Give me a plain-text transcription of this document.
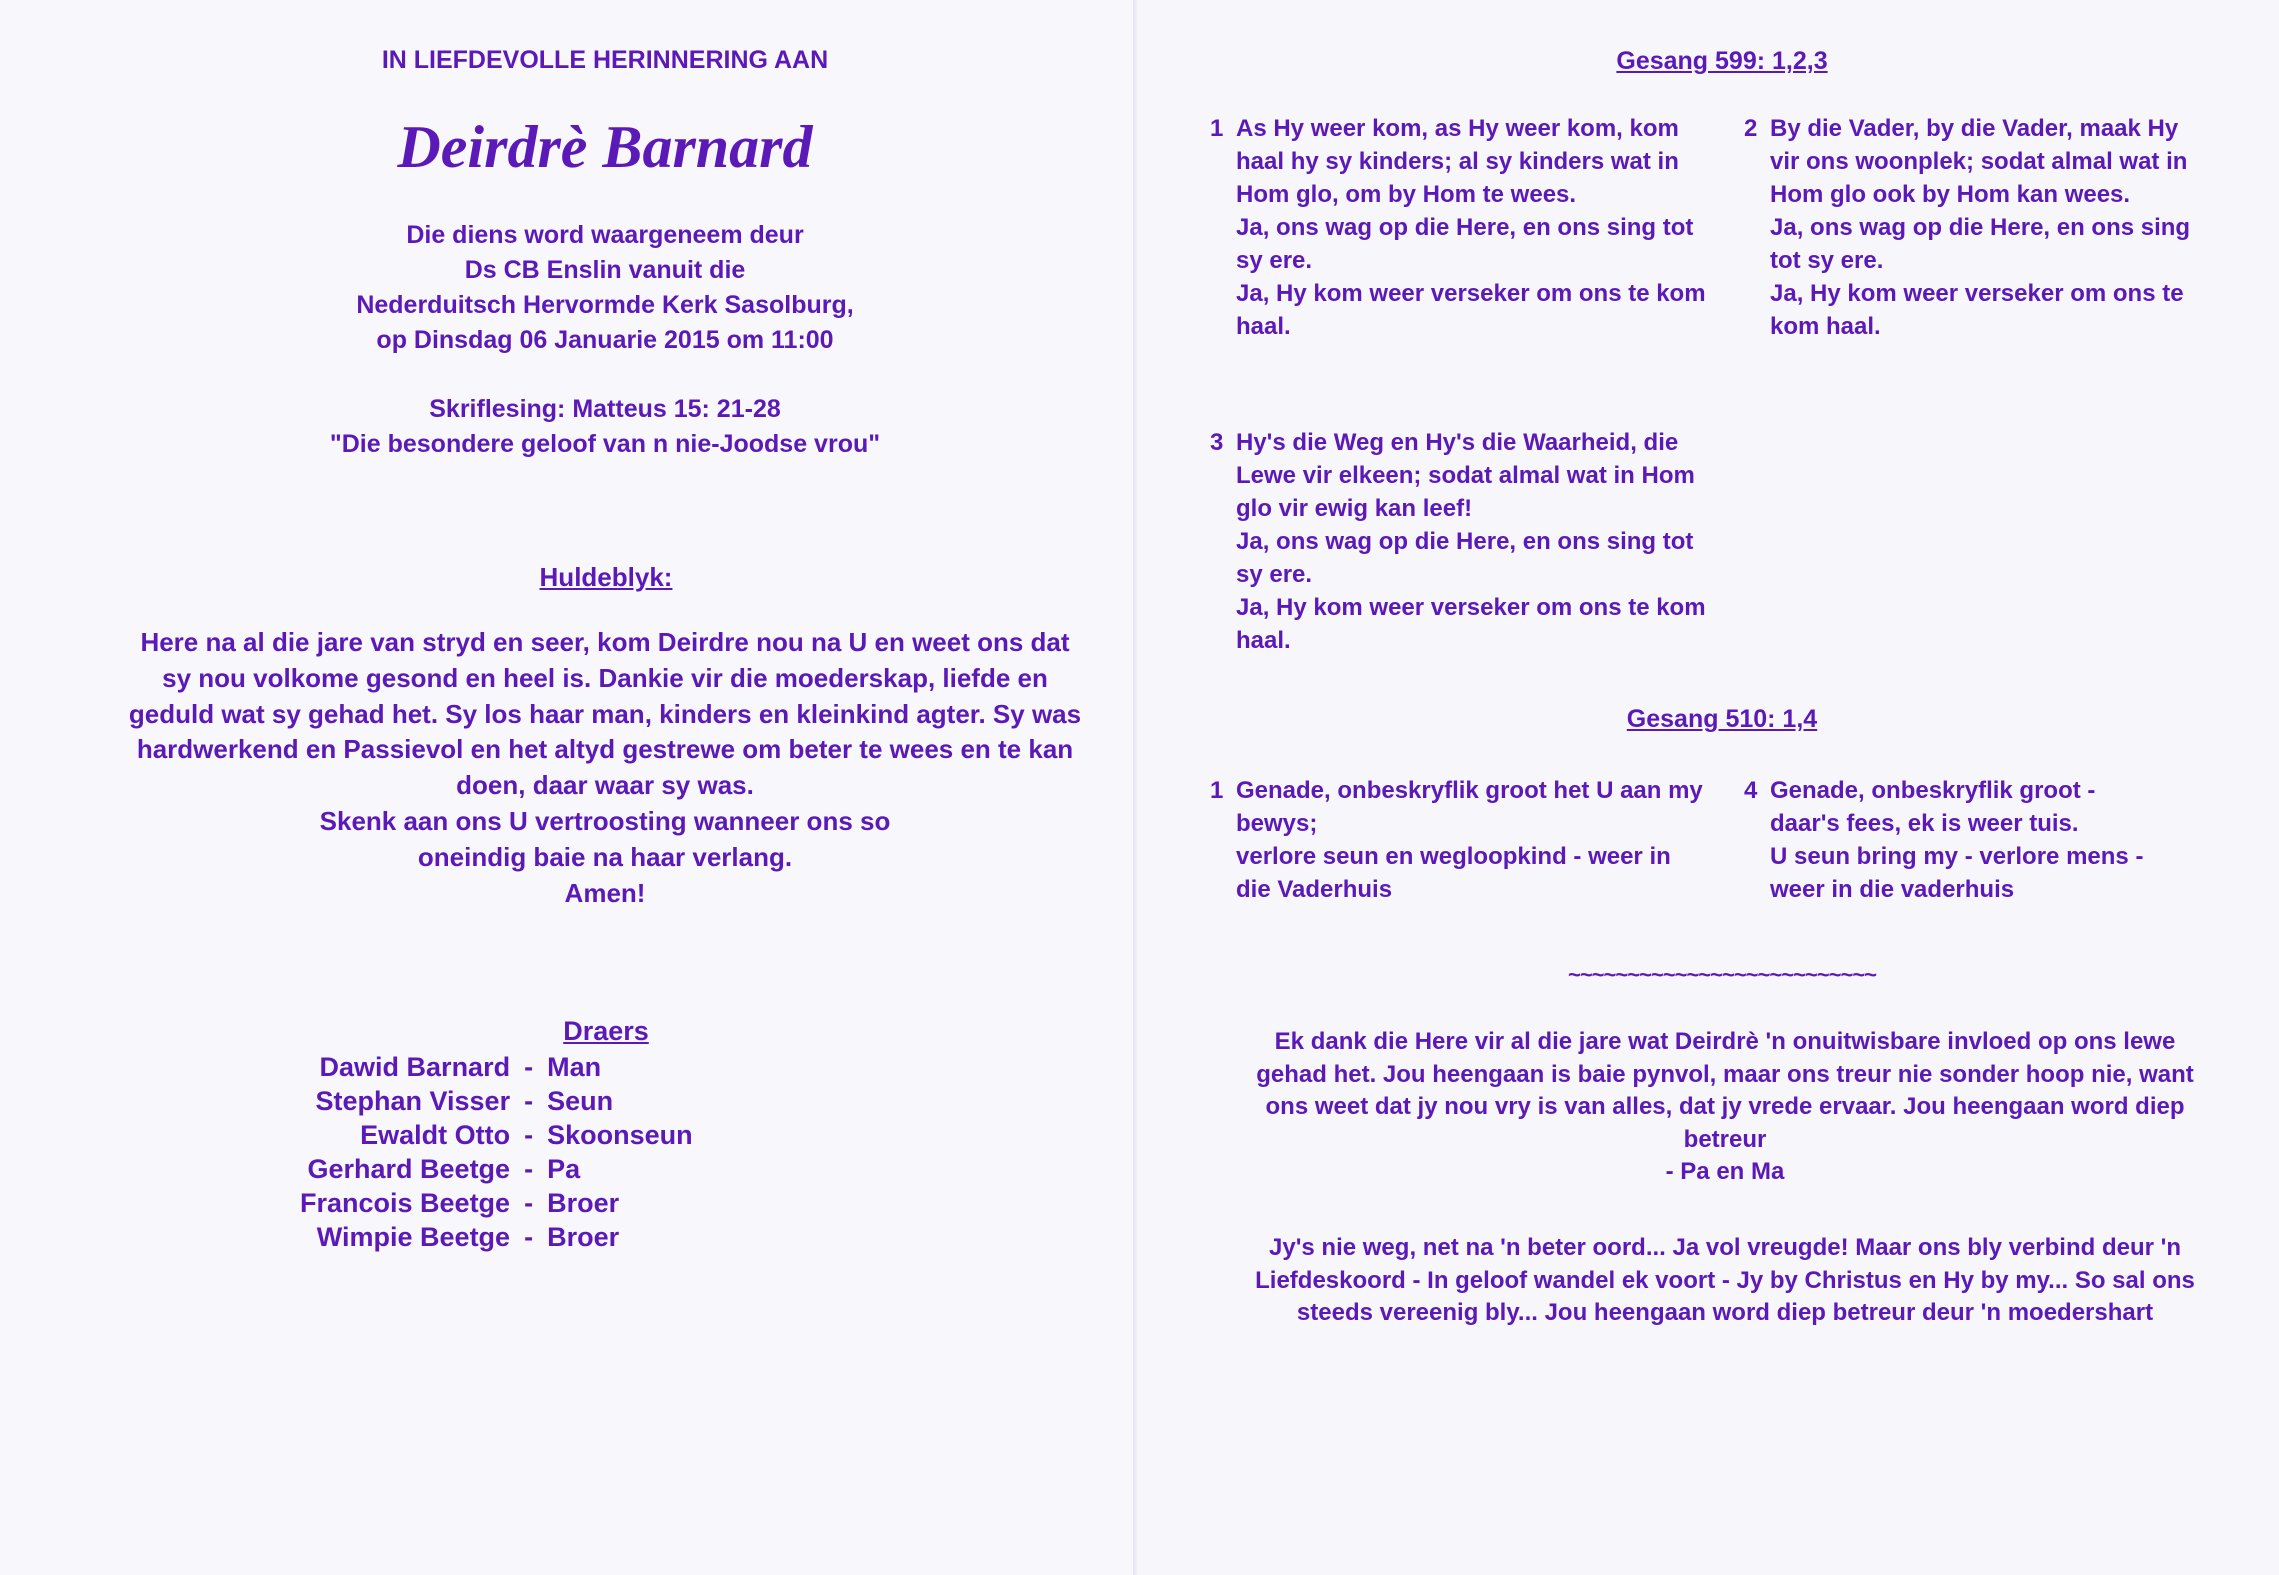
IN LIEFDEVOLLE HERINNERING AAN
Deirdrè Barnard

Die diens word waargeneem deur

Ds CB Enslin vanuit die

Nederduitsch Hervormde Kerk Sasolburg,

op Dinsdag 06 Januarie 2015 om 11:00

Skriflesing: Matteus 15: 21-28

"Die besondere geloof van n nie-Joodse vrou"

Huldeblyk:
Here na al die jare van stryd en seer, kom Deirdre nou na U en weet ons dat
sy nou volkome gesond en heel is. Dankie vir die moederskap, liefde en
geduld wat sy gehad het. Sy los haar man, kinders en kleinkind agter. Sy was
hardwerkend en Passievol en het altyd gestrewe om beter te wees en te kan
doen, daar waar sy was.
Skenk aan ons U vertroosting wanneer ons so
oneindig baie na haar verlang.
Amen!
Draers
Dawid Barnard	-	Man
Stephan Visser	-	Seun
Ewaldt Otto	-	Skoonseun
Gerhard Beetge	-	Pa
Francois Beetge	-	Broer
Wimpie Beetge	-	Broer
Gesang 599: 1,2,3
1 As Hy weer kom, as Hy weer kom, kom
haal hy sy kinders; al sy kinders wat in
Hom glo, om by Hom te wees.
Ja, ons wag op die Here, en ons sing tot
sy ere.
Ja, Hy kom weer verseker om ons te kom
haal.
2 By die Vader, by die Vader, maak Hy
vir ons woonplek; sodat almal wat in
Hom glo ook by Hom kan wees.
Ja, ons wag op die Here, en ons sing
tot sy ere.
Ja, Hy kom weer verseker om ons te
kom haal.
3 Hy's die Weg en Hy's die Waarheid, die
Lewe vir elkeen; sodat almal wat in Hom
glo vir ewig kan leef!
Ja, ons wag op die Here, en ons sing tot
sy ere.
Ja, Hy kom weer verseker om ons te kom
haal.
Gesang 510: 1,4
1 Genade, onbeskryflik groot het U aan my
bewys;
verlore seun en wegloopkind - weer in
die Vaderhuis
4 Genade, onbeskryflik groot -
daar's fees, ek is weer tuis.
U seun bring my - verlore mens -
weer in die vaderhuis
~~~~~~~~~~~~~~~~~~~~~~~~~~
Ek dank die Here vir al die jare wat Deirdrè 'n onuitwisbare invloed op ons lewe
gehad het. Jou heengaan is baie pynvol, maar ons treur nie sonder hoop nie, want
ons weet dat jy nou vry is van alles, dat jy vrede ervaar. Jou heengaan word diep
betreur
- Pa en Ma
Jy's nie weg, net na 'n beter oord... Ja vol vreugde! Maar ons bly verbind deur 'n
Liefdeskoord - In geloof wandel ek voort - Jy by Christus en Hy by my... So sal ons
steeds vereenig bly... Jou heengaan word diep betreur deur 'n moedershart
